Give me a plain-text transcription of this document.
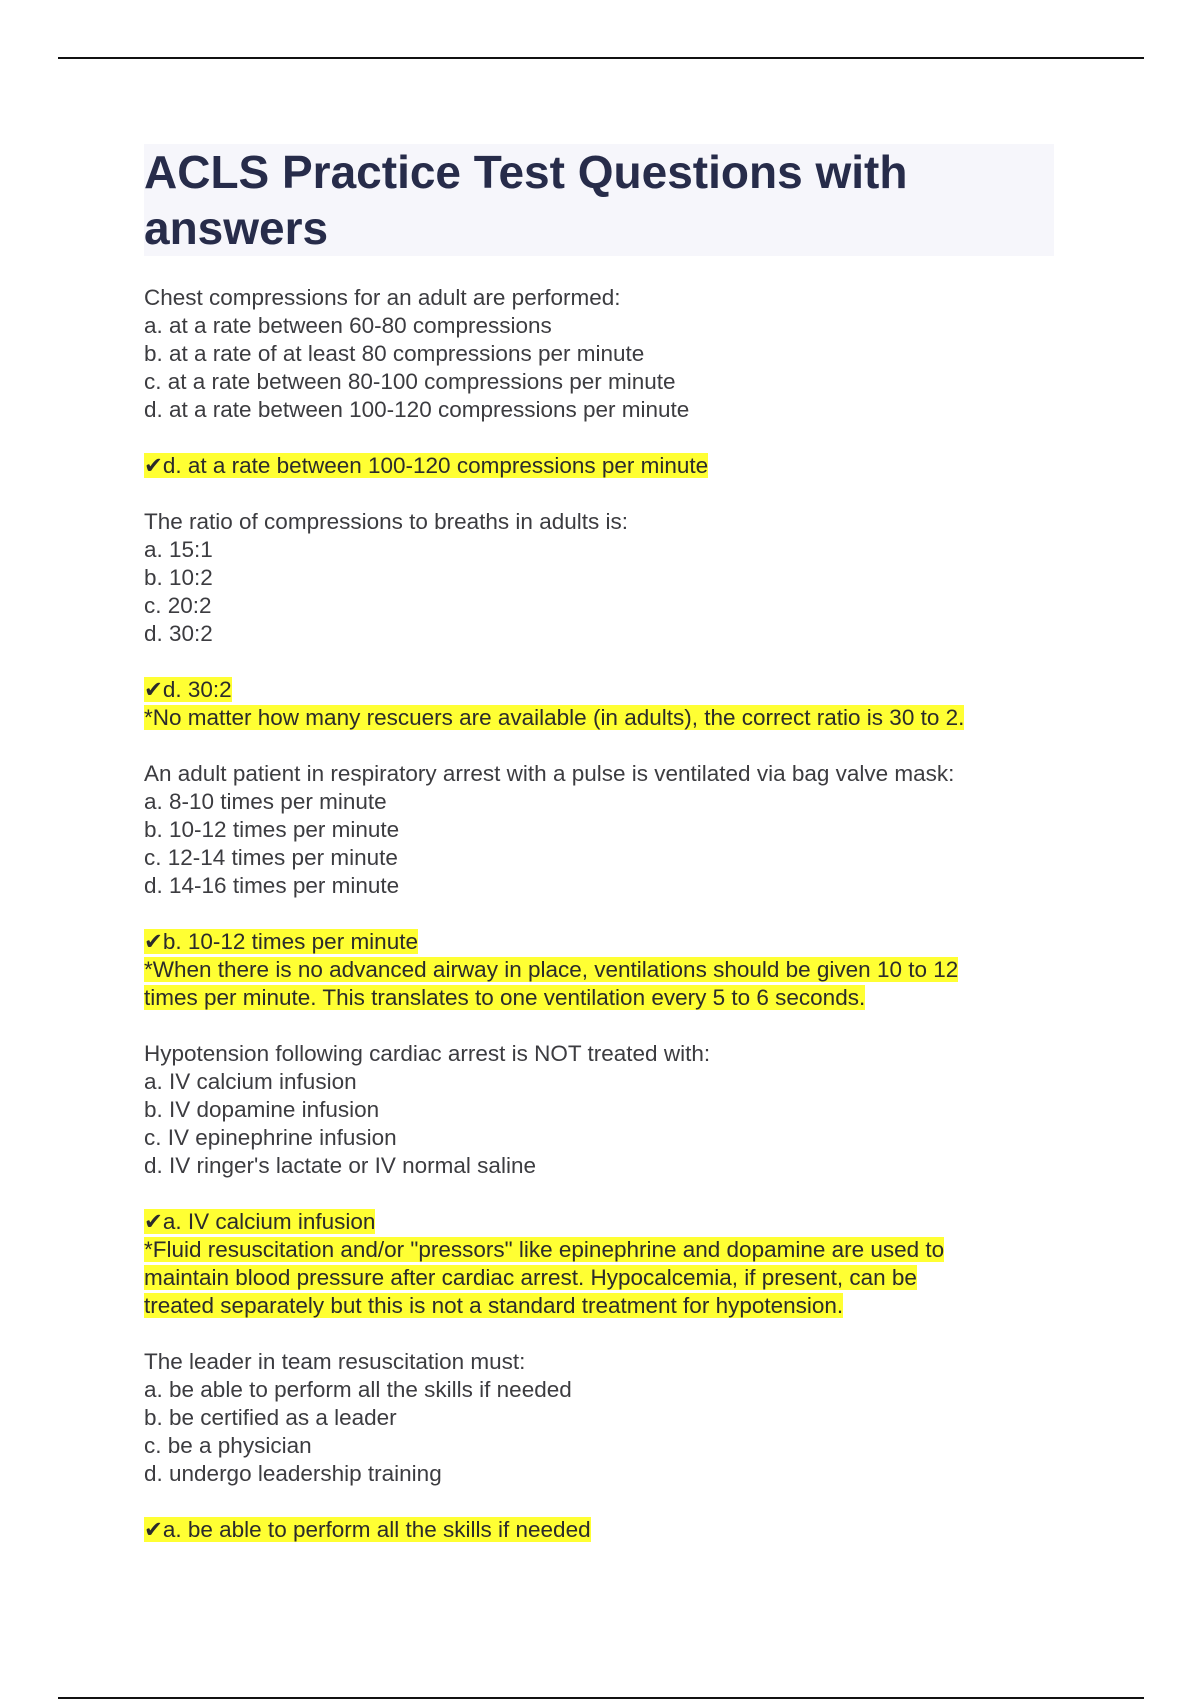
ACLS Practice Test Questions with
answers
Chest compressions for an adult are performed:
a. at a rate between 60-80 compressions
b. at a rate of at least 80 compressions per minute
c. at a rate between 80-100 compressions per minute
d. at a rate between 100-120 compressions per minute
✔d. at a rate between 100-120 compressions per minute
The ratio of compressions to breaths in adults is:
a. 15:1
b. 10:2
c. 20:2
d. 30:2
✔d. 30:2
*No matter how many rescuers are available (in adults), the correct ratio is 30 to 2.
An adult patient in respiratory arrest with a pulse is ventilated via bag valve mask:
a. 8-10 times per minute
b. 10-12 times per minute
c. 12-14 times per minute
d. 14-16 times per minute
✔b. 10-12 times per minute
*When there is no advanced airway in place, ventilations should be given 10 to 12
times per minute. This translates to one ventilation every 5 to 6 seconds.
Hypotension following cardiac arrest is NOT treated with:
a. IV calcium infusion
b. IV dopamine infusion
c. IV epinephrine infusion
d. IV ringer's lactate or IV normal saline
✔a. IV calcium infusion
*Fluid resuscitation and/or "pressors" like epinephrine and dopamine are used to
maintain blood pressure after cardiac arrest. Hypocalcemia, if present, can be
treated separately but this is not a standard treatment for hypotension.
The leader in team resuscitation must:
a. be able to perform all the skills if needed
b. be certified as a leader
c. be a physician
d. undergo leadership training
✔a. be able to perform all the skills if needed
